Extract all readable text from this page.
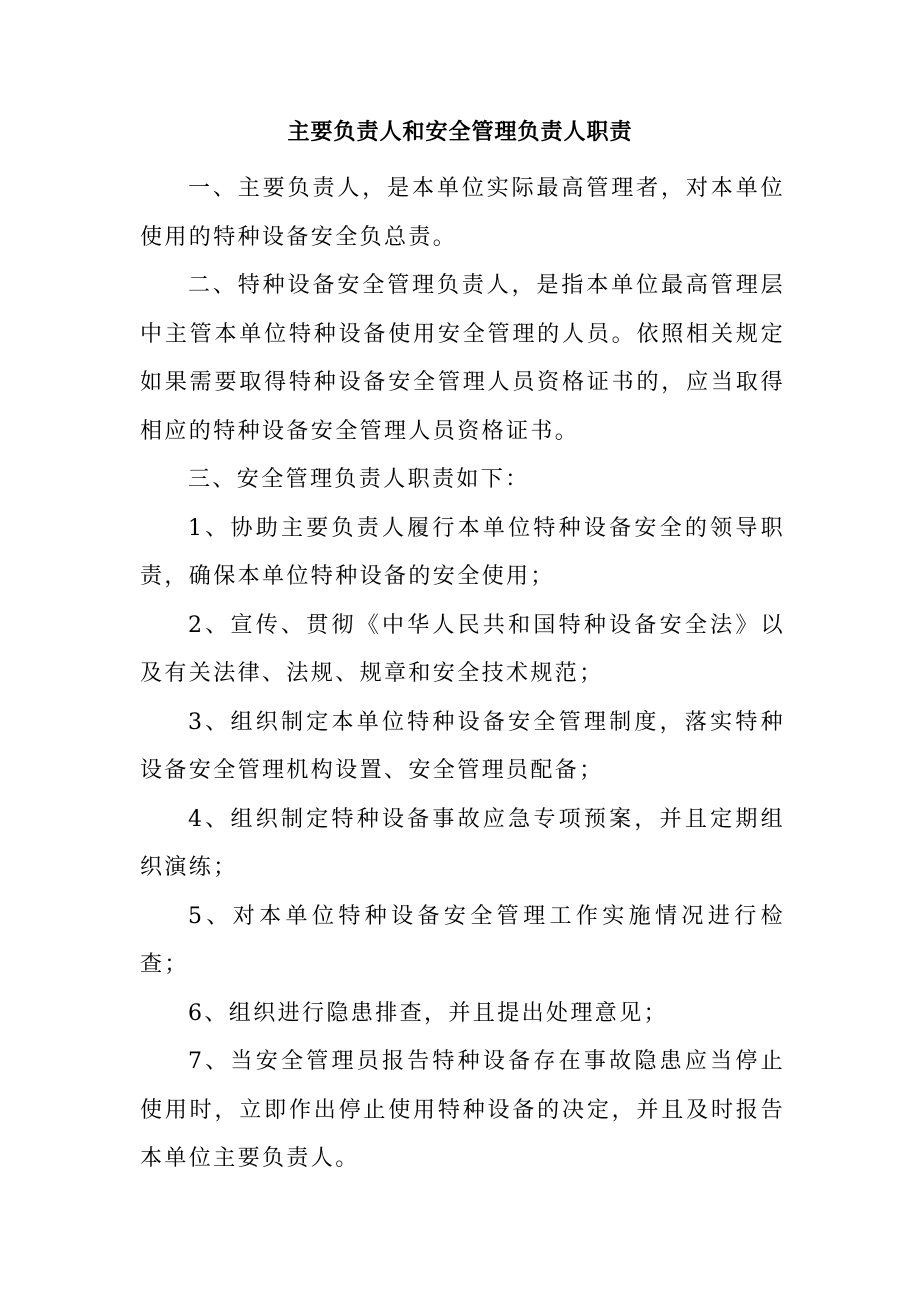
主要负责人和安全管理负责人职责

一、主要负责人，是本单位实际最高管理者，对本单位使用的特种设备安全负总责。

二、特种设备安全管理负责人，是指本单位最高管理层中主管本单位特种设备使用安全管理的人员。依照相关规定如果需要取得特种设备安全管理人员资格证书的，应当取得相应的特种设备安全管理人员资格证书。

三、安全管理负责人职责如下：

1、协助主要负责人履行本单位特种设备安全的领导职责，确保本单位特种设备的安全使用；

2、宣传、贯彻《中华人民共和国特种设备安全法》以及有关法律、法规、规章和安全技术规范；

3、组织制定本单位特种设备安全管理制度，落实特种设备安全管理机构设置、安全管理员配备；

4、组织制定特种设备事故应急专项预案，并且定期组织演练；

5、对本单位特种设备安全管理工作实施情况进行检查；

6、组织进行隐患排查，并且提出处理意见；

7、当安全管理员报告特种设备存在事故隐患应当停止使用时，立即作出停止使用特种设备的决定，并且及时报告本单位主要负责人。
